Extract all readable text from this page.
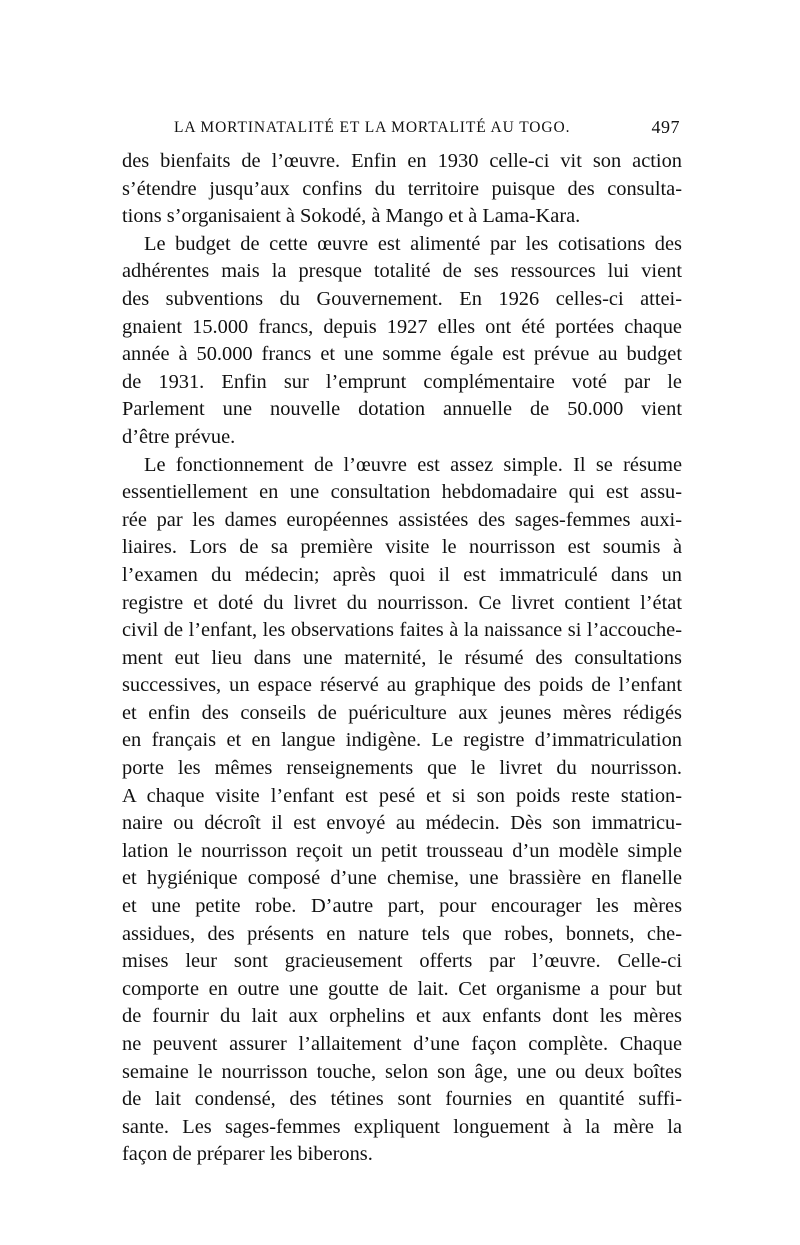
LA MORTINATALITÉ ET LA MORTALITÉ AU TOGO.	497
des bienfaits de l’œuvre. Enfin en 1930 celle-ci vit son action
s’étendre jusqu’aux confins du territoire puisque des consulta-
tions s’organisaient à Sokodé, à Mango et à Lama-Kara.
Le budget de cette œuvre est alimenté par les cotisations des
adhérentes mais la presque totalité de ses ressources lui vient
des subventions du Gouvernement. En 1926 celles-ci attei-
gnaient 15.000 francs, depuis 1927 elles ont été portées chaque
année à 50.000 francs et une somme égale est prévue au budget
de 1931. Enfin sur l’emprunt complémentaire voté par le
Parlement une nouvelle dotation annuelle de 50.000 vient
d’être prévue.
Le fonctionnement de l’œuvre est assez simple. Il se résume
essentiellement en une consultation hebdomadaire qui est assu-
rée par les dames européennes assistées des sages-femmes auxi-
liaires. Lors de sa première visite le nourrisson est soumis à
l’examen du médecin; après quoi il est immatriculé dans un
registre et doté du livret du nourrisson. Ce livret contient l’état
civil de l’enfant, les observations faites à la naissance si l’accouche-
ment eut lieu dans une maternité, le résumé des consultations
successives, un espace réservé au graphique des poids de l’enfant
et enfin des conseils de puériculture aux jeunes mères rédigés
en français et en langue indigène. Le registre d’immatriculation
porte les mêmes renseignements que le livret du nourrisson.
A chaque visite l’enfant est pesé et si son poids reste station-
naire ou décroît il est envoyé au médecin. Dès son immatricu-
lation le nourrisson reçoit un petit trousseau d’un modèle simple
et hygiénique composé d’une chemise, une brassière en flanelle
et une petite robe. D’autre part, pour encourager les mères
assidues, des présents en nature tels que robes, bonnets, che-
mises leur sont gracieusement offerts par l’œuvre. Celle-ci
comporte en outre une goutte de lait. Cet organisme a pour but
de fournir du lait aux orphelins et aux enfants dont les mères
ne peuvent assurer l’allaitement d’une façon complète. Chaque
semaine le nourrisson touche, selon son âge, une ou deux boîtes
de lait condensé, des tétines sont fournies en quantité suffi-
sante. Les sages-femmes expliquent longuement à la mère la
façon de préparer les biberons.
